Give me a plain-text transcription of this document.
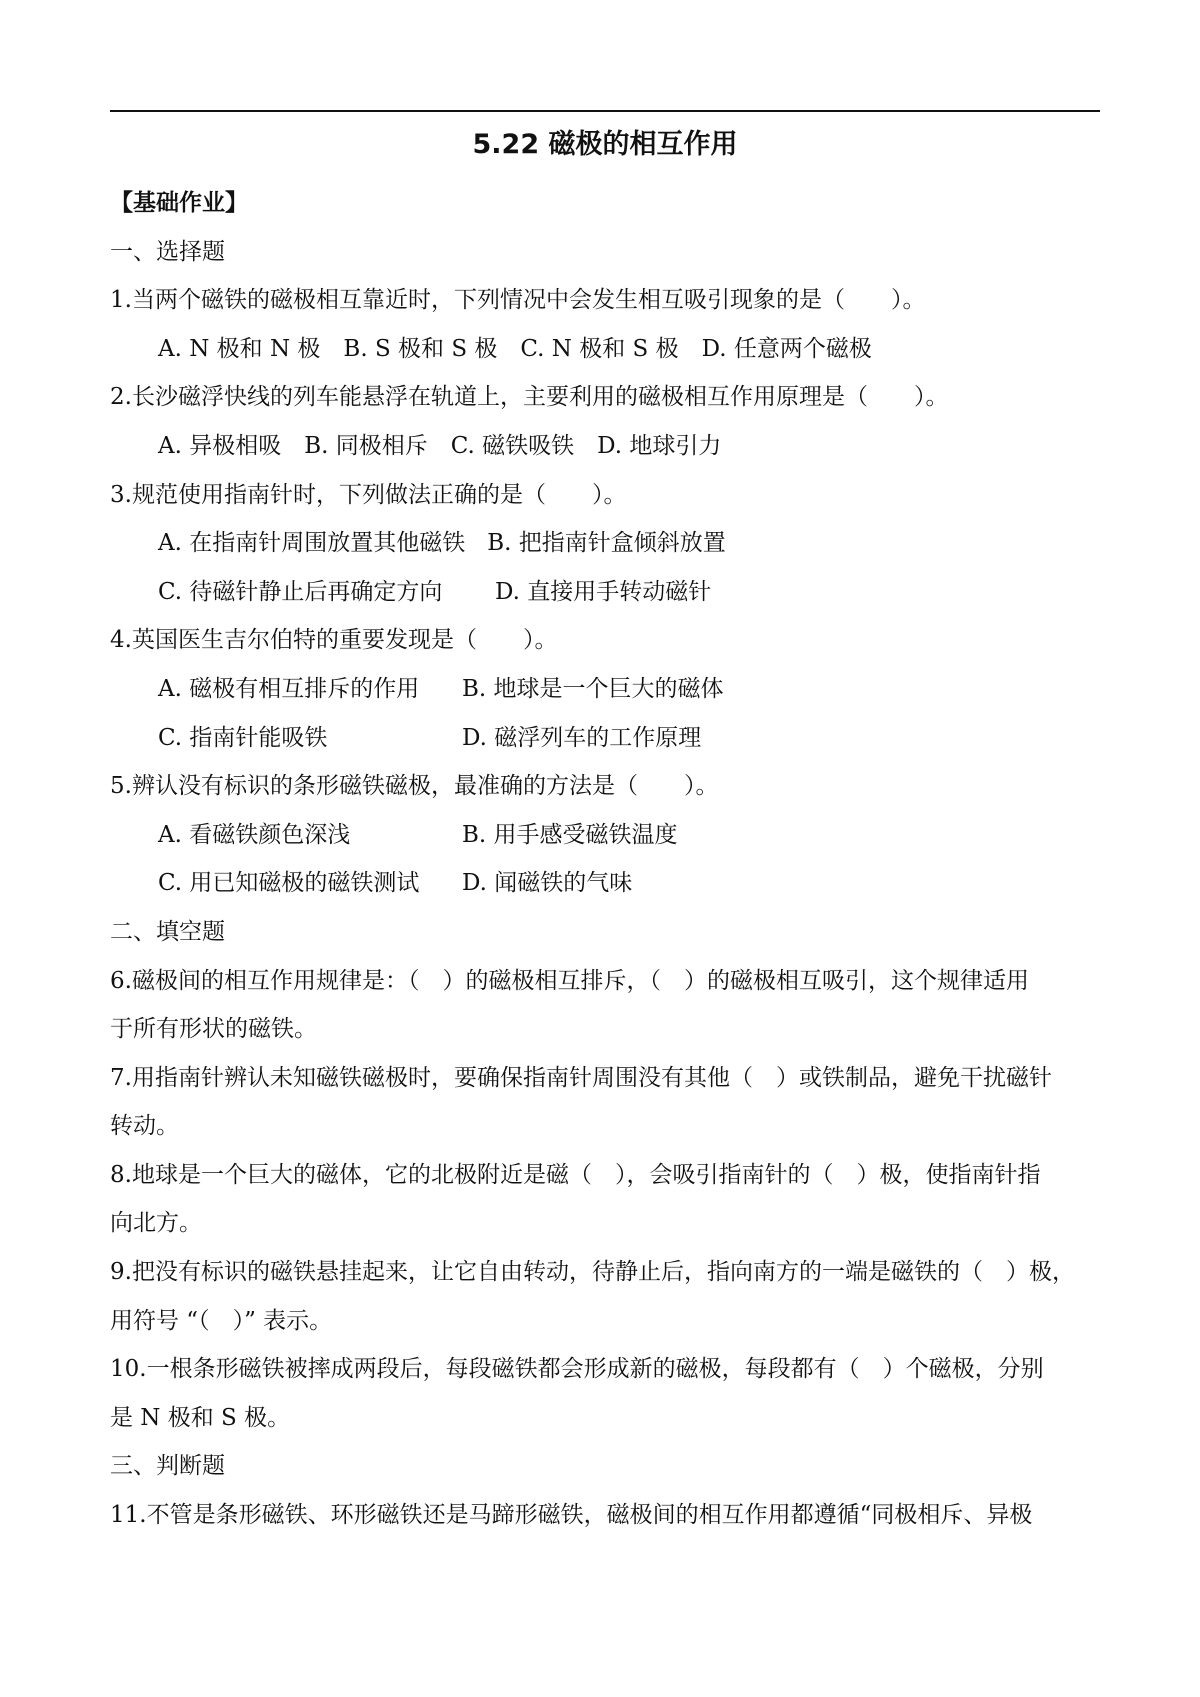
5.22 磁极的相互作用
【基础作业】
一、选择题
1.当两个磁铁的磁极相互靠近时，下列情况中会发生相互吸引现象的是（　　）。
A. N 极和 N 极　B. S 极和 S 极　C. N 极和 S 极　D. 任意两个磁极
2.长沙磁浮快线的列车能悬浮在轨道上，主要利用的磁极相互作用原理是（　　）。
A. 异极相吸　B. 同极相斥　C. 磁铁吸铁　D. 地球引力
3.规范使用指南针时，下列做法正确的是（　　）。
A. 在指南针周围放置其他磁铁 B. 把指南针盒倾斜放置
C. 待磁针静止后再确定方向	D. 直接用手转动磁针
4.英国医生吉尔伯特的重要发现是（　　）。
A. 磁极有相互排斥的作用	B. 地球是一个巨大的磁体
C. 指南针能吸铁	D. 磁浮列车的工作原理
5.辨认没有标识的条形磁铁磁极，最准确的方法是（　　）。
A. 看磁铁颜色深浅	B. 用手感受磁铁温度
C. 用已知磁极的磁铁测试	D. 闻磁铁的气味
二、填空题
6.磁极间的相互作用规律是：（　）的磁极相互排斥，（　）的磁极相互吸引，这个规律适用
于所有形状的磁铁。
7.用指南针辨认未知磁铁磁极时，要确保指南针周围没有其他（　）或铁制品，避免干扰磁针
转动。
8.地球是一个巨大的磁体，它的北极附近是磁（　），会吸引指南针的（　）极，使指南针指
向北方。
9.把没有标识的磁铁悬挂起来，让它自由转动，待静止后，指向南方的一端是磁铁的（　）极，
用符号 “（　）” 表示。
10.一根条形磁铁被摔成两段后，每段磁铁都会形成新的磁极，每段都有（　）个磁极，分别
是 N 极和 S 极。
三、判断题
11.不管是条形磁铁、环形磁铁还是马蹄形磁铁，磁极间的相互作用都遵循“同极相斥、异极
